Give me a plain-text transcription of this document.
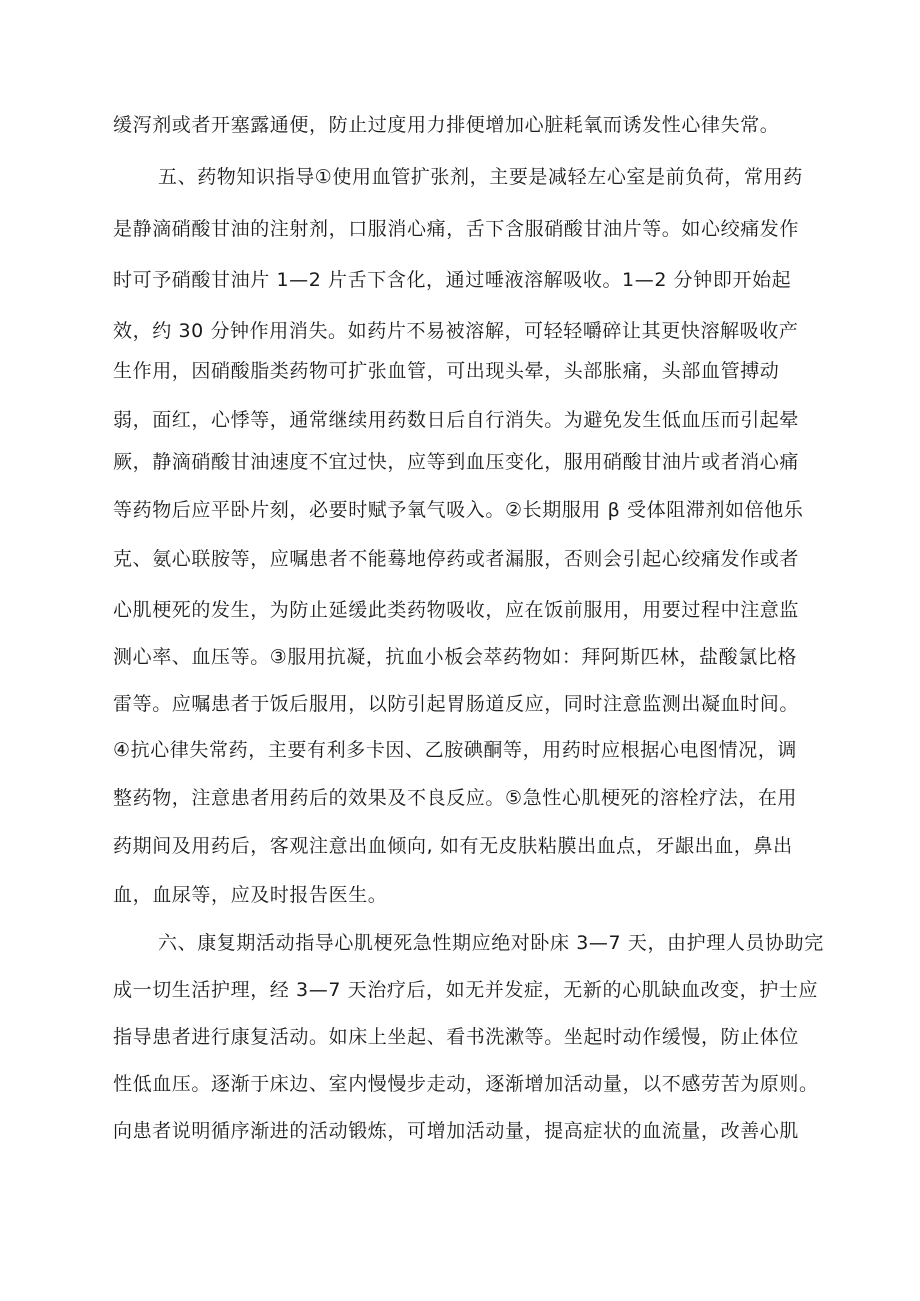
缓泻剂或者开塞露通便，防止过度用力排便增加心脏耗氧而诱发性心律失常。

五、药物知识指导①使用血管扩张剂，主要是减轻左心室是前负荷，常用药

是静滴硝酸甘油的注射剂，口服消心痛，舌下含服硝酸甘油片等。如心绞痛发作

时可予硝酸甘油片 1—2 片舌下含化，通过唾液溶解吸收。1—2 分钟即开始起

效，约 30 分钟作用消失。如药片不易被溶解，可轻轻嚼碎让其更快溶解吸收产

生作用，因硝酸脂类药物可扩张血管，可出现头晕，头部胀痛，头部血管搏动

弱，面红，心悸等，通常继续用药数日后自行消失。为避免发生低血压而引起晕

厥，静滴硝酸甘油速度不宜过快，应等到血压变化，服用硝酸甘油片或者消心痛

等药物后应平卧片刻，必要时赋予氧气吸入。②长期服用 β 受体阻滞剂如倍他乐

克、氨心联胺等，应嘱患者不能蓦地停药或者漏服，否则会引起心绞痛发作或者

心肌梗死的发生，为防止延缓此类药物吸收，应在饭前服用，用要过程中注意监

测心率、血压等。③服用抗凝，抗血小板会萃药物如：拜阿斯匹林，盐酸氯比格

雷等。应嘱患者于饭后服用，以防引起胃肠道反应，同时注意监测出凝血时间。

④抗心律失常药，主要有利多卡因、乙胺碘酮等，用药时应根据心电图情况，调

整药物，注意患者用药后的效果及不良反应。⑤急性心肌梗死的溶栓疗法，在用

药期间及用药后，客观注意出血倾向, 如有无皮肤粘膜出血点，牙龈出血，鼻出

血，血尿等，应及时报告医生。

六、康复期活动指导心肌梗死急性期应绝对卧床 3—7 天，由护理人员协助完

成一切生活护理，经 3—7 天治疗后，如无并发症，无新的心肌缺血改变，护士应

指导患者进行康复活动。如床上坐起、看书洗漱等。坐起时动作缓慢，防止体位

性低血压。逐渐于床边、室内慢慢步走动，逐渐增加活动量，以不感劳苦为原则。

向患者说明循序渐进的活动锻炼，可增加活动量，提高症状的血流量，改善心肌
